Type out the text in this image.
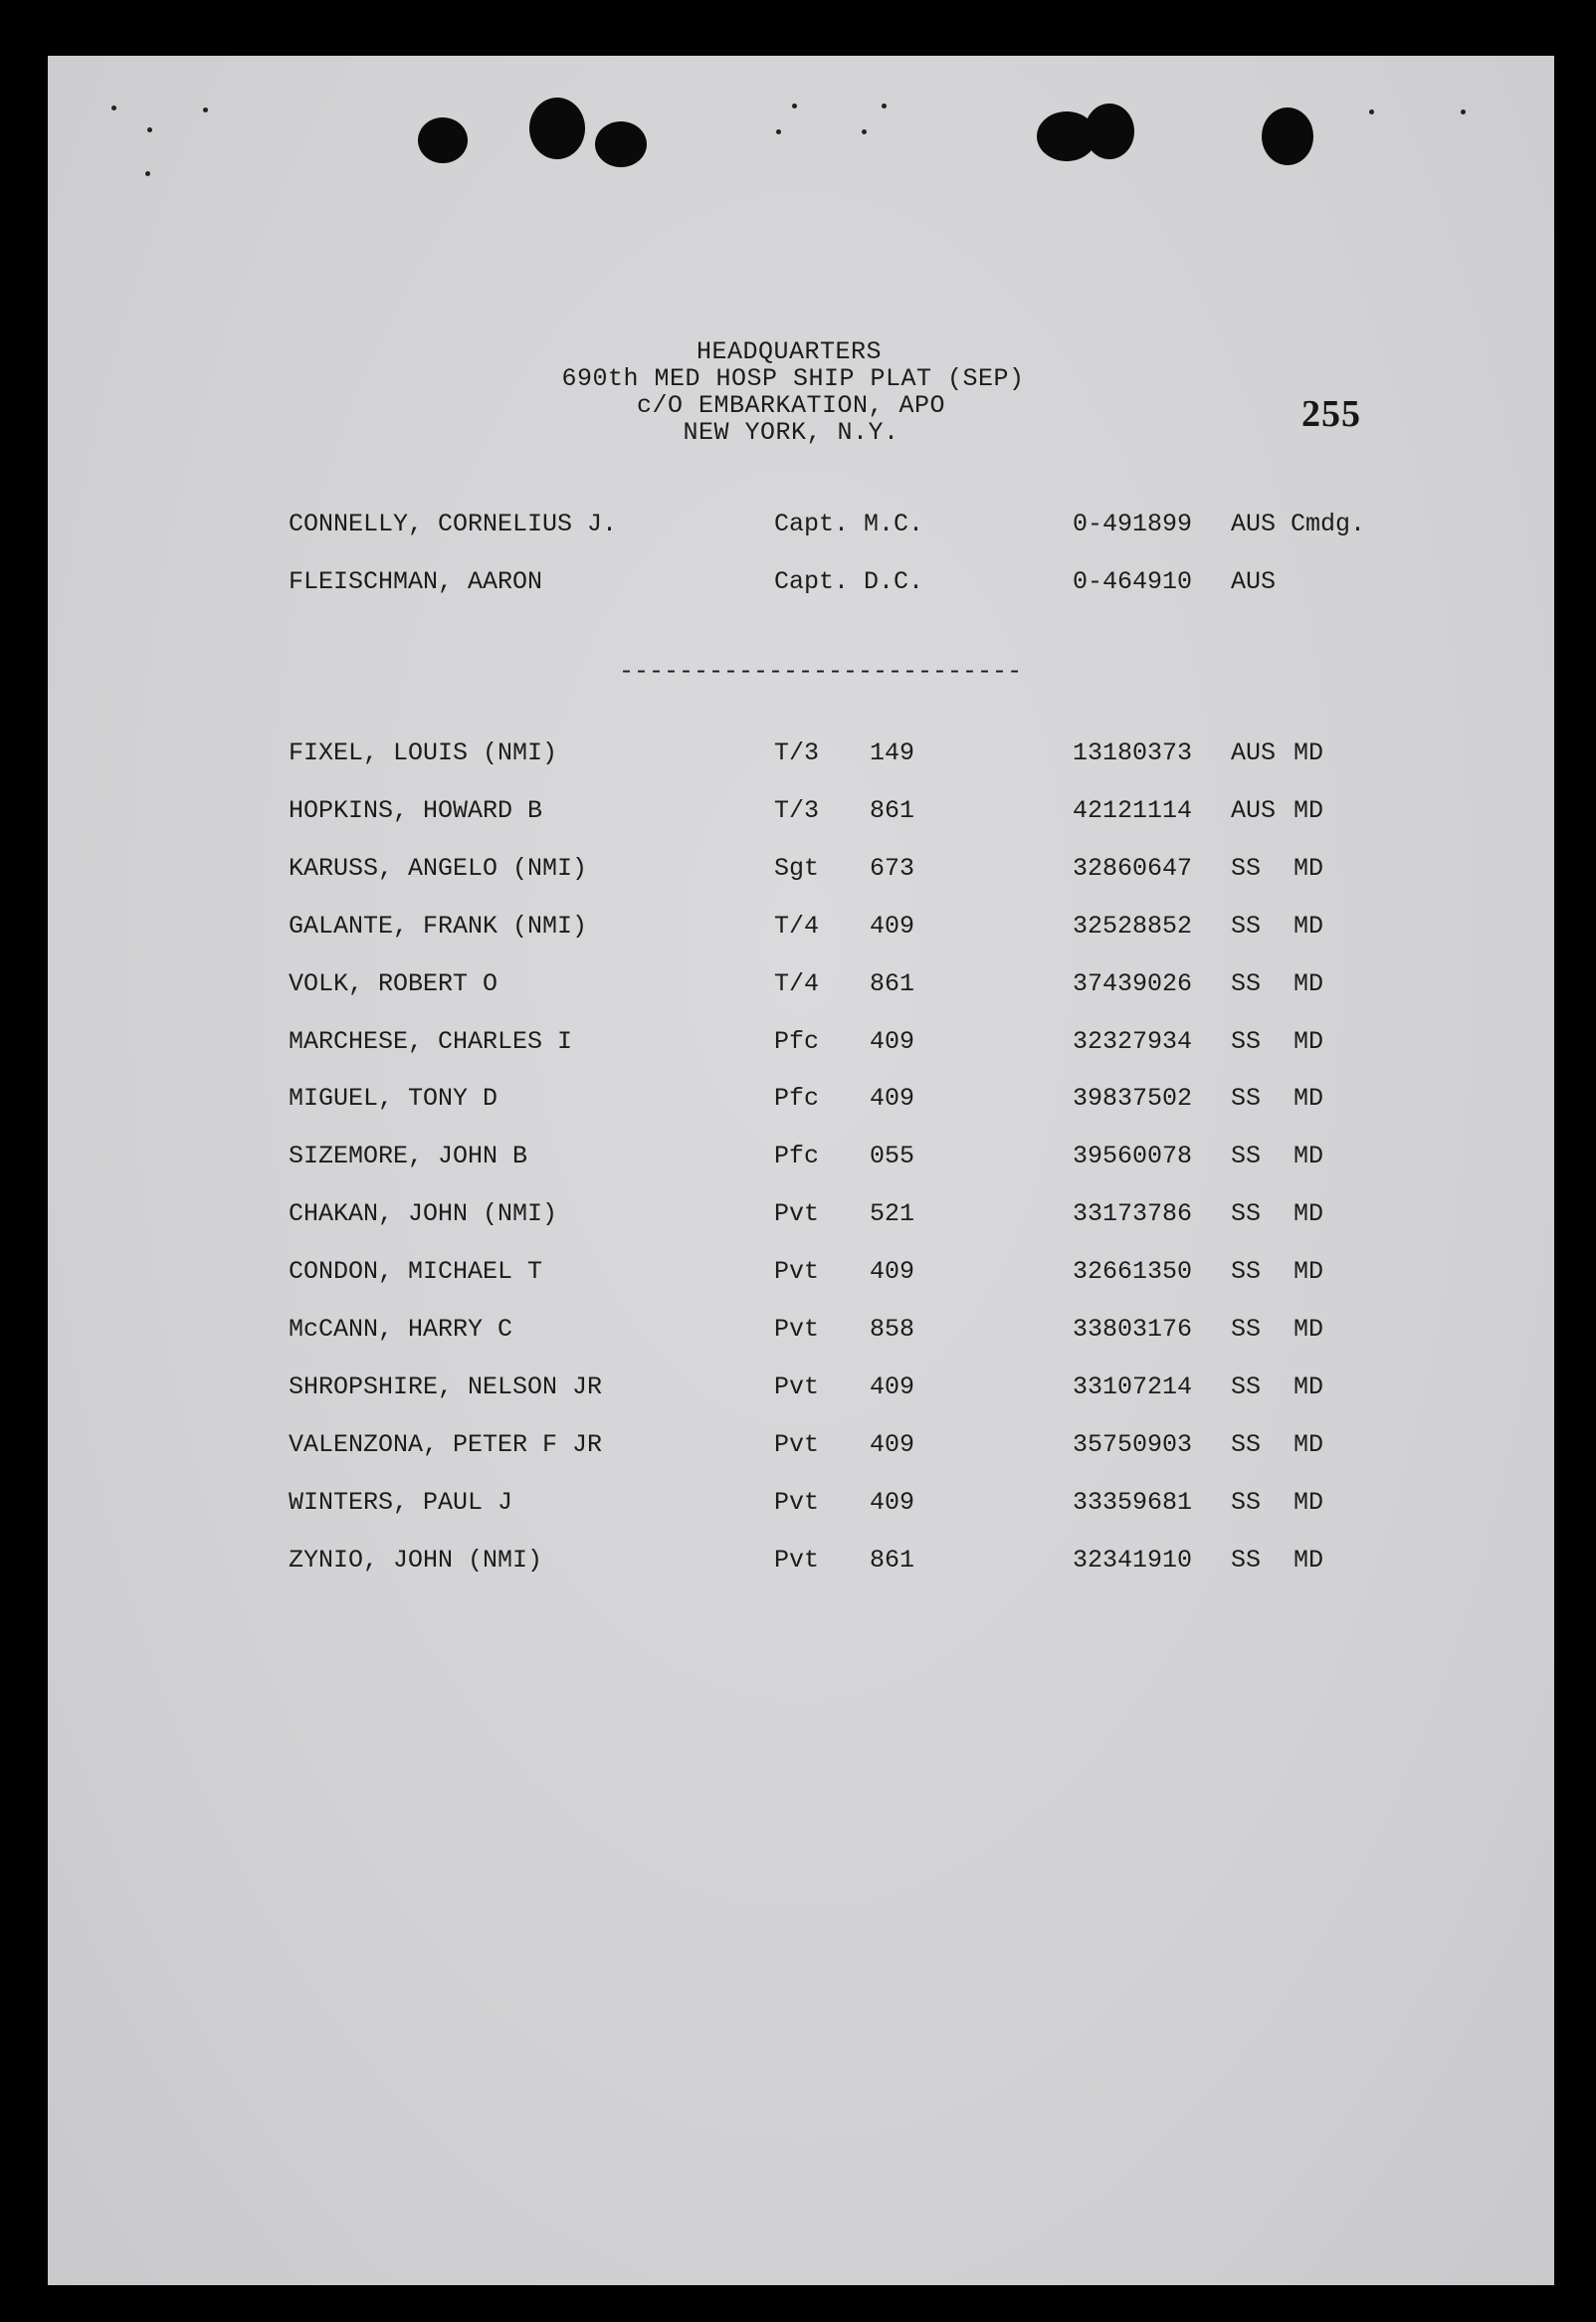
HEADQUARTERS
690th MED HOSP SHIP PLAT (SEP)
c/O EMBARKATION, APO
NEW YORK, N.Y.	255
CONNELLY, CORNELIUS J.	Capt. M.C.	0-491899 AUS Cmdg.
FLEISCHMAN, AARON	Capt. D.C.	0-464910 AUS
---------------------------
FIXEL, LOUIS (NMI)	T/3 149	13180373 AUS MD
HOPKINS, HOWARD B	T/3 861	42121114 AUS MD
KARUSS, ANGELO (NMI)	Sgt 673	32860647 SS MD
GALANTE, FRANK (NMI)	T/4 409	32528852 SS MD
VOLK, ROBERT O	T/4 861	37439026 SS MD
MARCHESE, CHARLES I	Pfc 409	32327934 SS MD
MIGUEL, TONY D	Pfc 409	39837502 SS MD
SIZEMORE, JOHN B	Pfc 055	39560078 SS MD
CHAKAN, JOHN (NMI)	Pvt 521	33173786 SS MD
CONDON, MICHAEL T	Pvt 409	32661350 SS MD
McCANN, HARRY C	Pvt 858	33803176 SS MD
SHROPSHIRE, NELSON JR	Pvt 409	33107214 SS MD
VALENZONA, PETER F JR	Pvt 409	35750903 SS MD
WINTERS, PAUL J	Pvt 409	33359681 SS MD
ZYNIO, JOHN (NMI)	Pvt 861	32341910 SS MD
